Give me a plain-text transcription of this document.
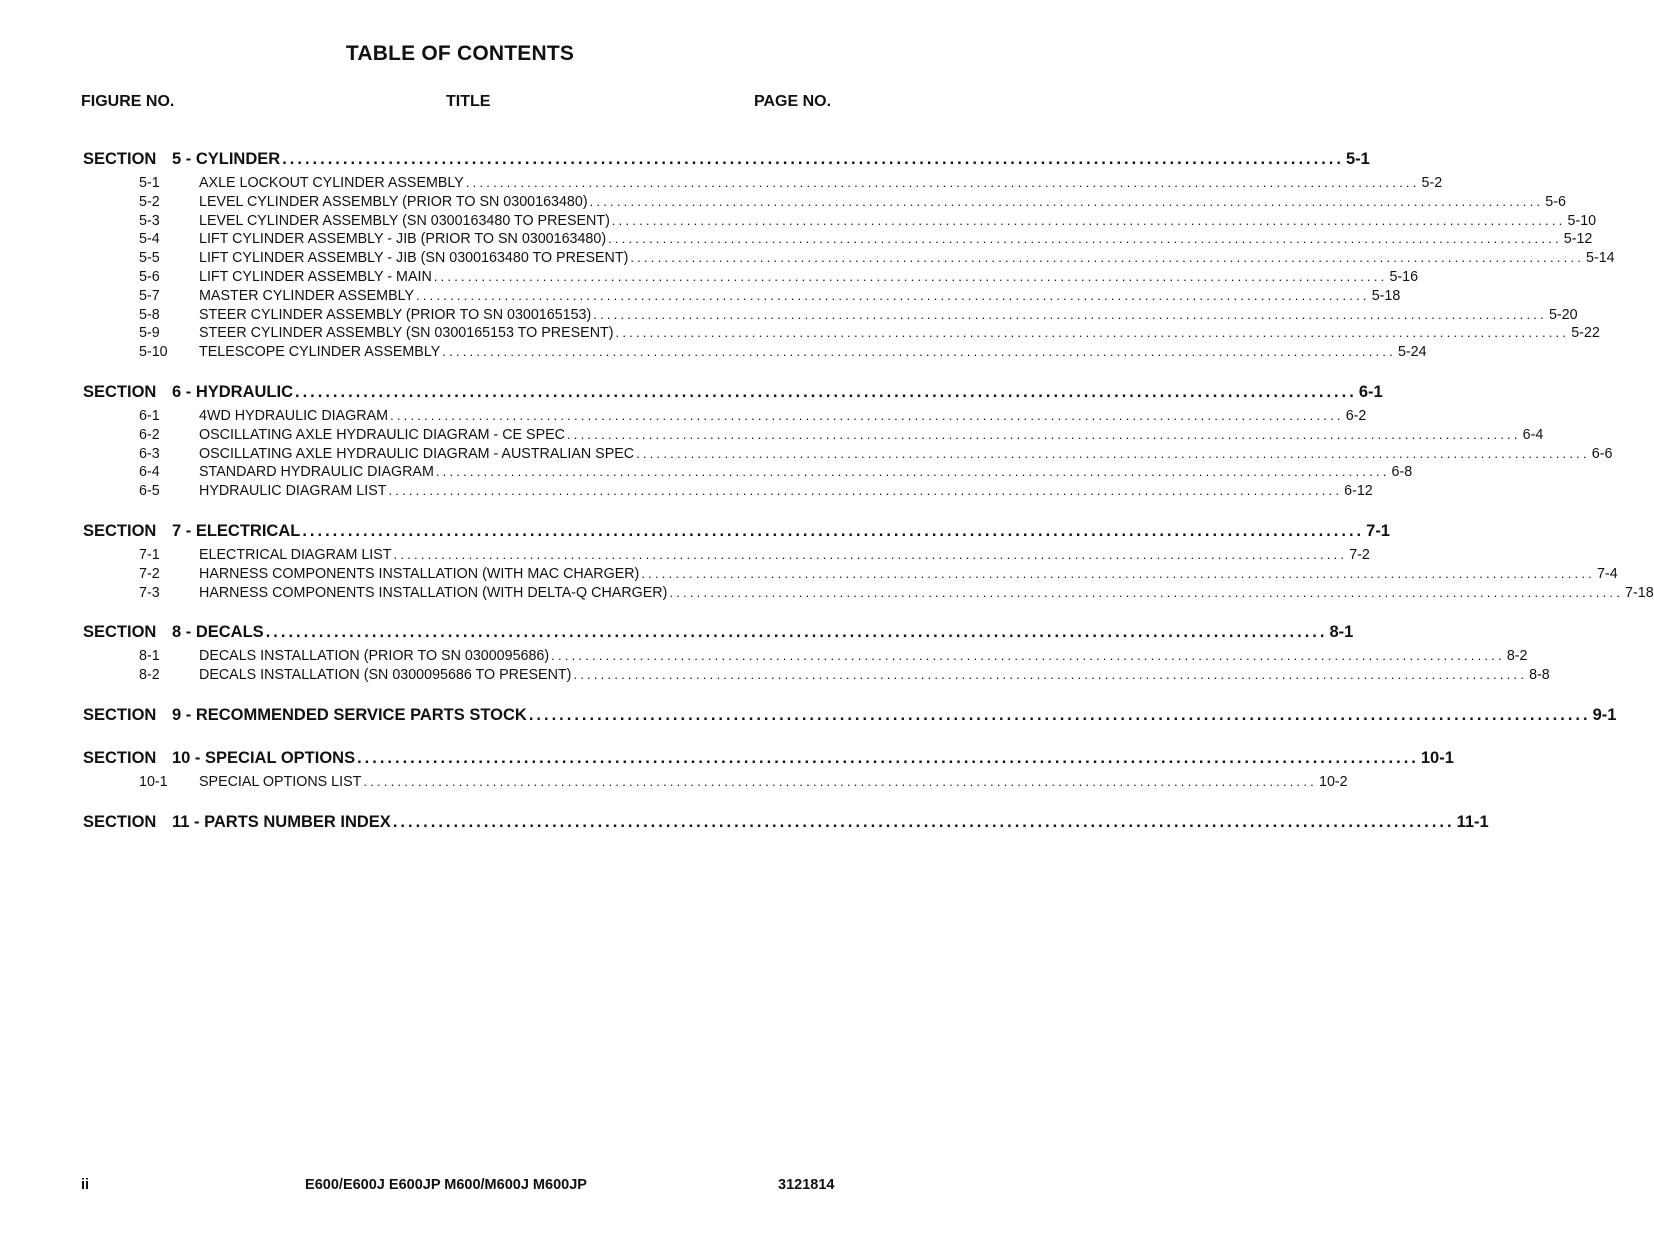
TABLE OF CONTENTS
FIGURE NO.	TITLE	PAGE NO.
SECTION 5 - CYLINDER ............................................................................................................................................ 5-1
5-1	AXLE LOCKOUT CYLINDER ASSEMBLY ............................................................................................................................................ 5-2
5-2	LEVEL CYLINDER ASSEMBLY (PRIOR TO SN 0300163480) ............................................................................................................................................ 5-6
5-3	LEVEL CYLINDER ASSEMBLY (SN 0300163480 TO PRESENT) ............................................................................................................................................ 5-10
5-4	LIFT CYLINDER ASSEMBLY - JIB (PRIOR TO SN 0300163480) ............................................................................................................................................ 5-12
5-5	LIFT CYLINDER ASSEMBLY - JIB (SN 0300163480 TO PRESENT) ............................................................................................................................................ 5-14
5-6	LIFT CYLINDER ASSEMBLY - MAIN ............................................................................................................................................ 5-16
5-7	MASTER CYLINDER ASSEMBLY ............................................................................................................................................ 5-18
5-8	STEER CYLINDER ASSEMBLY (PRIOR TO SN 0300165153) ............................................................................................................................................ 5-20
5-9	STEER CYLINDER ASSEMBLY (SN 0300165153 TO PRESENT) ............................................................................................................................................ 5-22
5-10	TELESCOPE CYLINDER ASSEMBLY ............................................................................................................................................ 5-24
SECTION 6 - HYDRAULIC ............................................................................................................................................ 6-1
6-1	4WD HYDRAULIC DIAGRAM ............................................................................................................................................ 6-2
6-2	OSCILLATING AXLE HYDRAULIC DIAGRAM - CE SPEC ............................................................................................................................................ 6-4
6-3	OSCILLATING AXLE HYDRAULIC DIAGRAM - AUSTRALIAN SPEC ............................................................................................................................................ 6-6
6-4	STANDARD HYDRAULIC DIAGRAM ............................................................................................................................................ 6-8
6-5	HYDRAULIC DIAGRAM LIST ............................................................................................................................................ 6-12
SECTION 7 - ELECTRICAL ............................................................................................................................................ 7-1
7-1	ELECTRICAL DIAGRAM LIST ............................................................................................................................................ 7-2
7-2	HARNESS COMPONENTS INSTALLATION (WITH MAC CHARGER) ............................................................................................................................................ 7-4
7-3	HARNESS COMPONENTS INSTALLATION (WITH DELTA-Q CHARGER) ............................................................................................................................................ 7-18
SECTION 8 - DECALS ............................................................................................................................................ 8-1
8-1	DECALS INSTALLATION (PRIOR TO SN 0300095686) ............................................................................................................................................ 8-2
8-2	DECALS INSTALLATION (SN 0300095686 TO PRESENT) ............................................................................................................................................ 8-8
SECTION 9 - RECOMMENDED SERVICE PARTS STOCK ............................................................................................................................................ 9-1
SECTION 10 - SPECIAL OPTIONS ............................................................................................................................................ 10-1
10-1	SPECIAL OPTIONS LIST ............................................................................................................................................ 10-2
SECTION 11 - PARTS NUMBER INDEX ............................................................................................................................................ 11-1
ii	E600/E600J E600JP M600/M600J M600JP	3121814
